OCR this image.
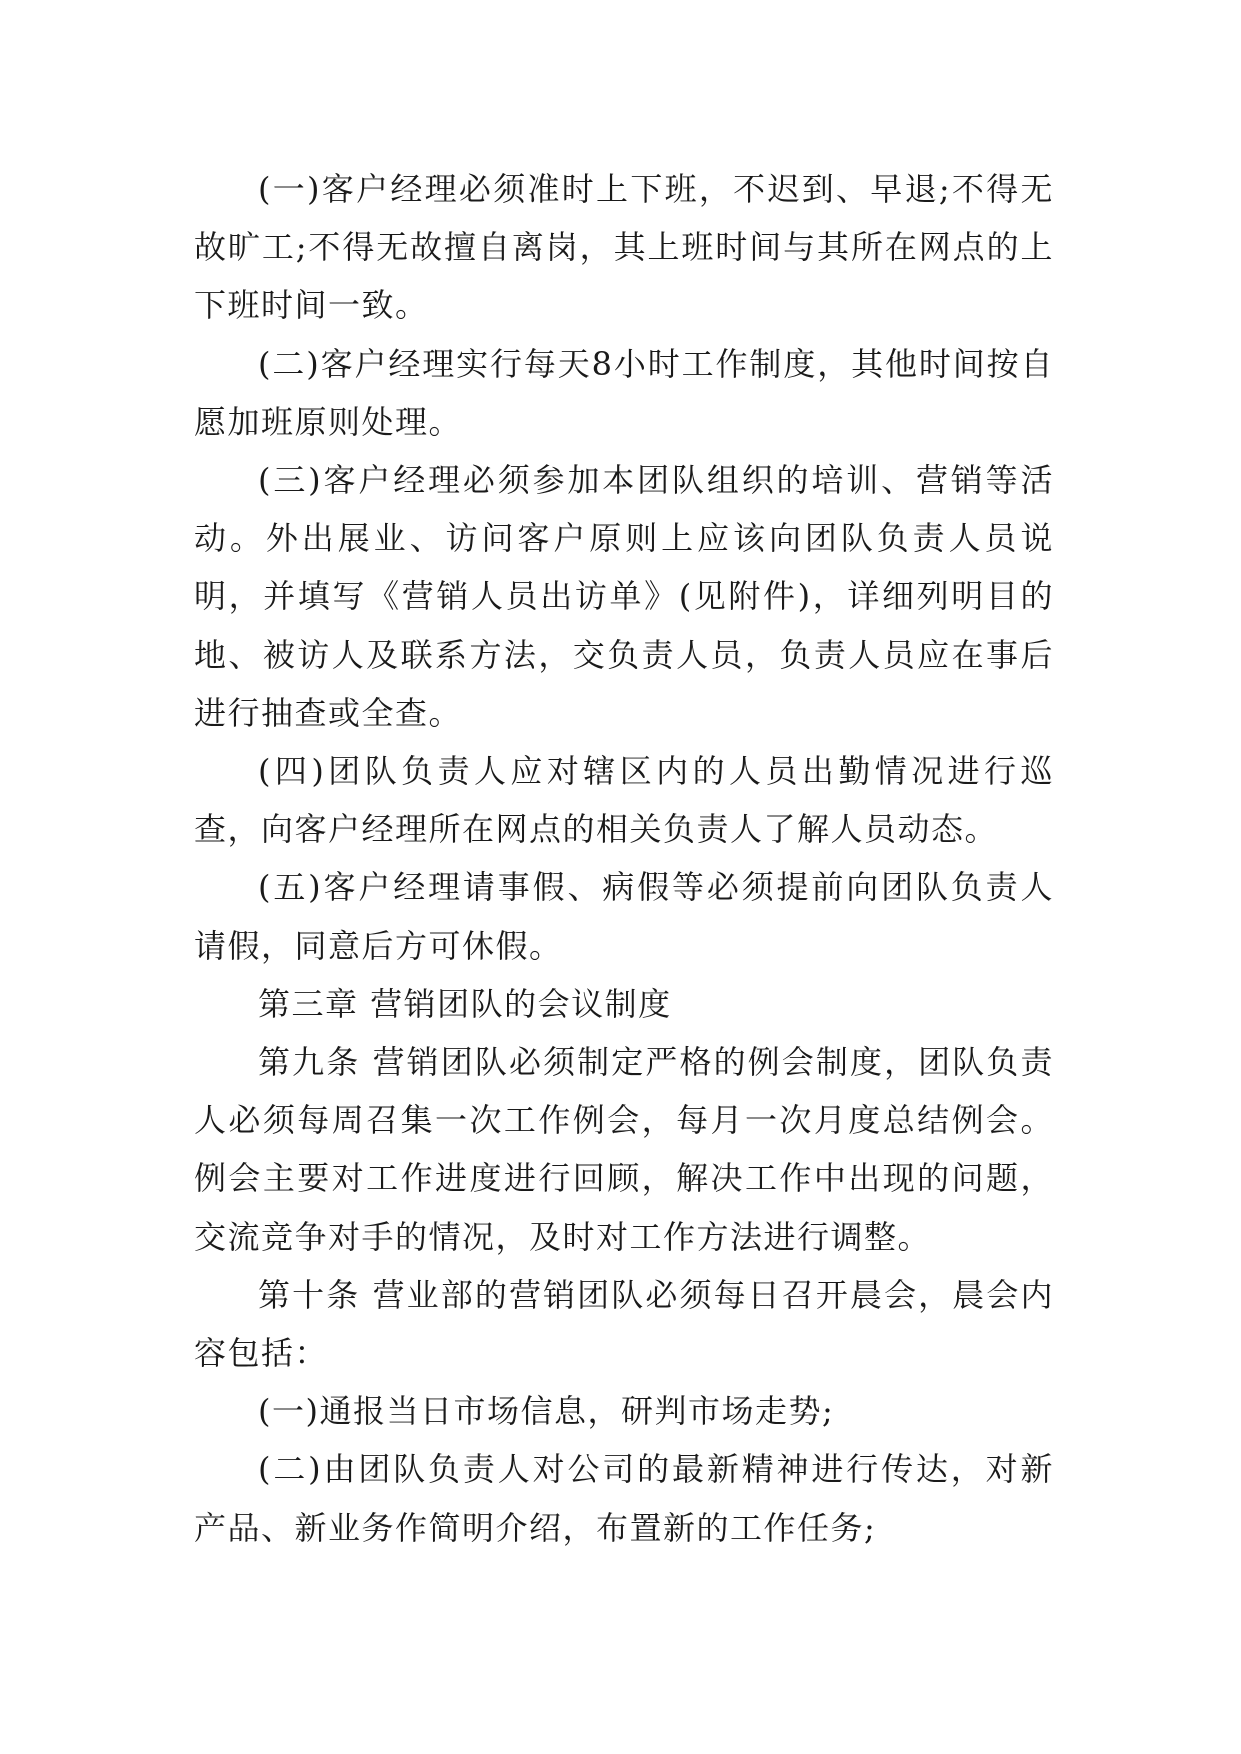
(一)客户经理必须准时上下班，不迟到、早退;不得无故旷工;不得无故擅自离岗，其上班时间与其所在网点的上下班时间一致。

(二)客户经理实行每天8小时工作制度，其他时间按自愿加班原则处理。

(三)客户经理必须参加本团队组织的培训、营销等活动。外出展业、访问客户原则上应该向团队负责人员说明，并填写《营销人员出访单》(见附件)，详细列明目的地、被访人及联系方法，交负责人员，负责人员应在事后进行抽查或全查。

(四)团队负责人应对辖区内的人员出勤情况进行巡查，向客户经理所在网点的相关负责人了解人员动态。

(五)客户经理请事假、病假等必须提前向团队负责人请假，同意后方可休假。

第三章 营销团队的会议制度

第九条 营销团队必须制定严格的例会制度，团队负责人必须每周召集一次工作例会，每月一次月度总结例会。例会主要对工作进度进行回顾，解决工作中出现的问题，交流竞争对手的情况，及时对工作方法进行调整。

第十条 营业部的营销团队必须每日召开晨会，晨会内容包括：

(一)通报当日市场信息，研判市场走势;

(二)由团队负责人对公司的最新精神进行传达，对新产品、新业务作简明介绍，布置新的工作任务;
